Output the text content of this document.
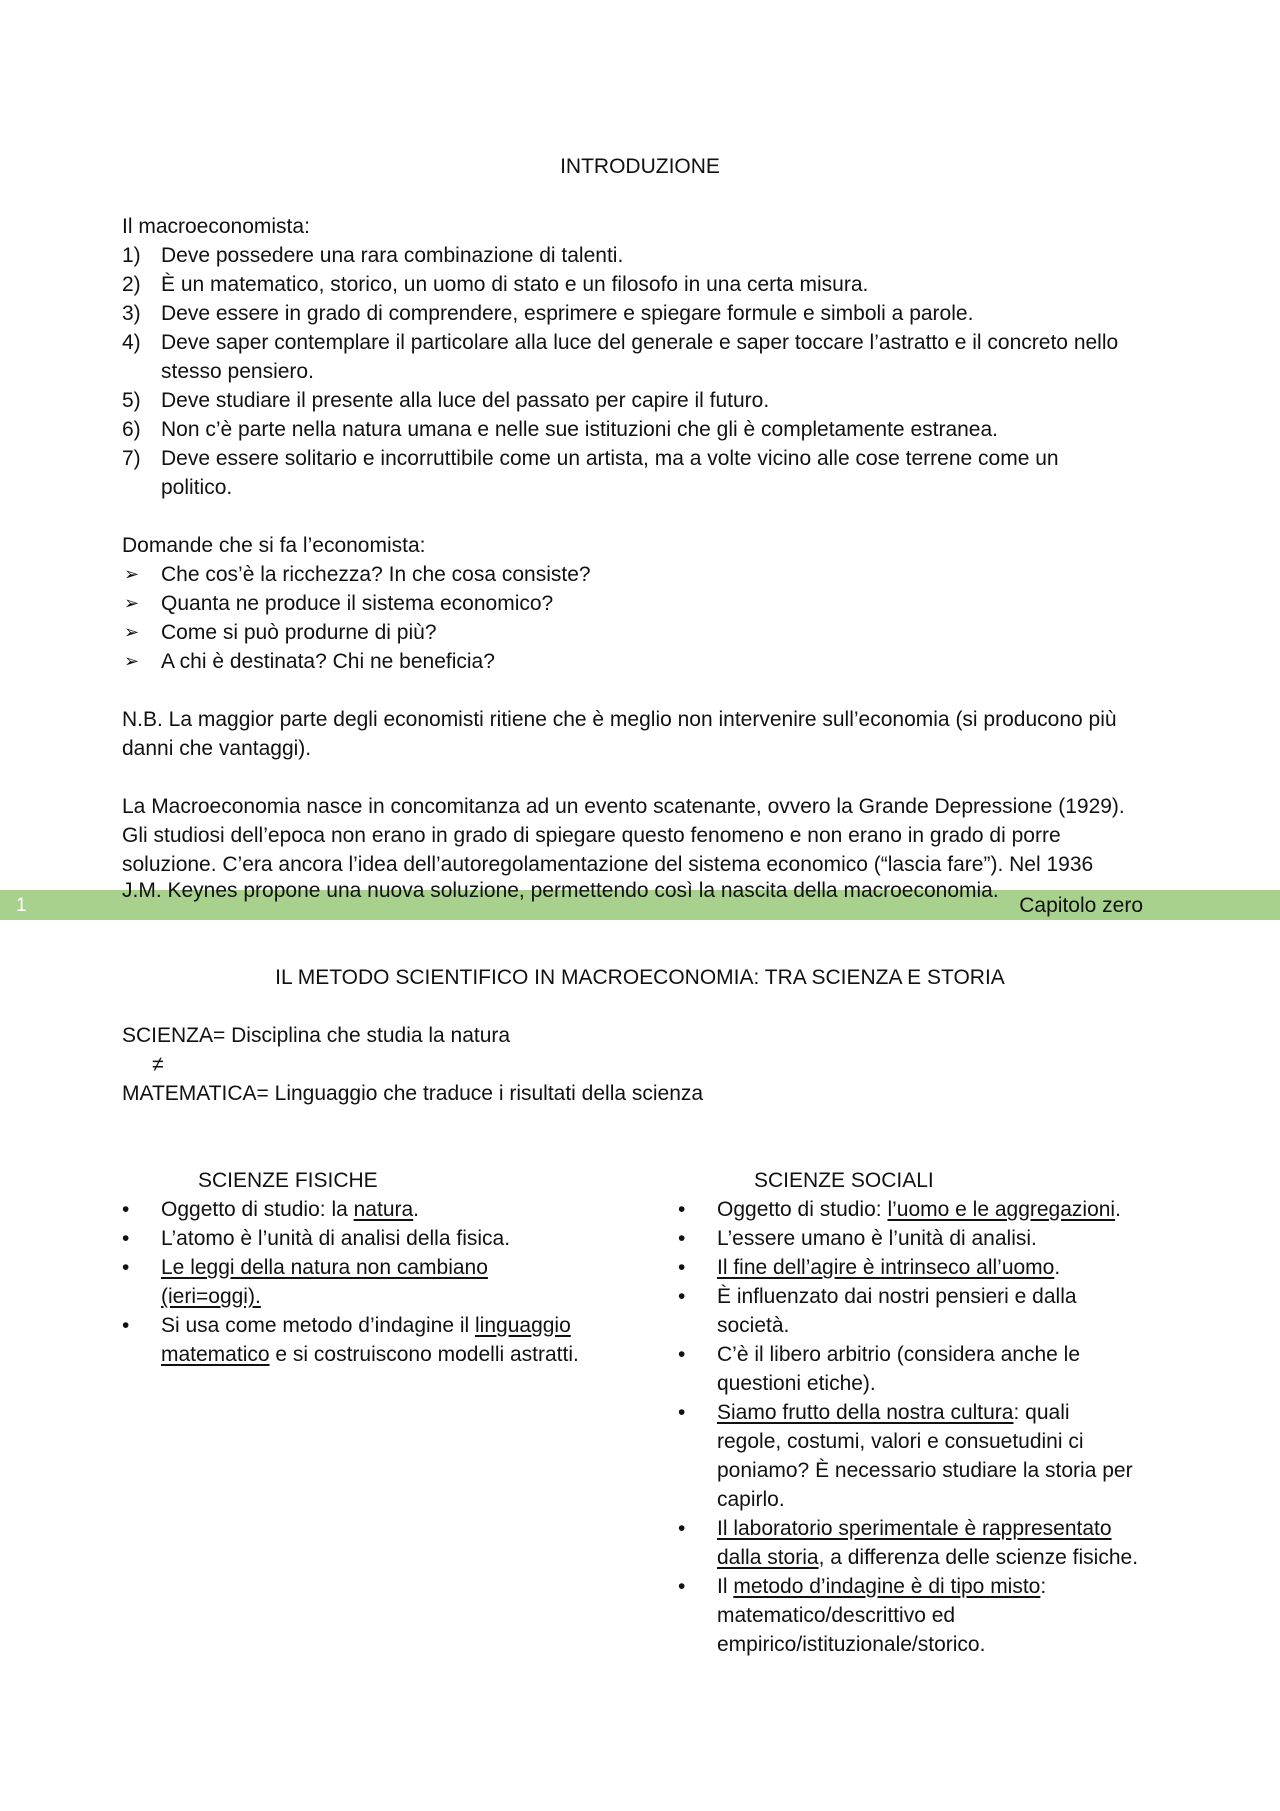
INTRODUZIONE
Il macroeconomista:
1) Deve possedere una rara combinazione di talenti.
2) È un matematico, storico, un uomo di stato e un filosofo in una certa misura.
3) Deve essere in grado di comprendere, esprimere e spiegare formule e simboli a parole.
4) Deve saper contemplare il particolare alla luce del generale e saper toccare l’astratto e il concreto nello
stesso pensiero.
5) Deve studiare il presente alla luce del passato per capire il futuro.
6) Non c’è parte nella natura umana e nelle sue istituzioni che gli è completamente estranea.
7) Deve essere solitario e incorruttibile come un artista, ma a volte vicino alle cose terrene come un
politico.
Domande che si fa l’economista:
➢ Che cos’è la ricchezza? In che cosa consiste?
➢ Quanta ne produce il sistema economico?
➢ Come si può produrne di più?
➢ A chi è destinata? Chi ne beneficia?
N.B. La maggior parte degli economisti ritiene che è meglio non intervenire sull’economia (si producono più
danni che vantaggi).
La Macroeconomia nasce in concomitanza ad un evento scatenante, ovvero la Grande Depressione (1929).
Gli studiosi dell’epoca non erano in grado di spiegare questo fenomeno e non erano in grado di porre
soluzione. C’era ancora l’idea dell’autoregolamentazione del sistema economico (“lascia fare”). Nel 1936
J.M. Keynes propone una nuova soluzione, permettendo così la nascita della macroeconomia.
1	Capitolo zero
IL METODO SCIENTIFICO IN MACROECONOMIA: TRA SCIENZA E STORIA
SCIENZA= Disciplina che studia la natura
≠
MATEMATICA= Linguaggio che traduce i risultati della scienza
SCIENZE FISICHE
• Oggetto di studio: la natura.
• L’atomo è l’unità di analisi della fisica.
• Le leggi della natura non cambiano
(ieri=oggi).
• Si usa come metodo d’indagine il linguaggio
matematico e si costruiscono modelli astratti.
SCIENZE SOCIALI
• Oggetto di studio: l’uomo e le aggregazioni.
• L’essere umano è l’unità di analisi.
• Il fine dell’agire è intrinseco all’uomo.
• È influenzato dai nostri pensieri e dalla
società.
• C’è il libero arbitrio (considera anche le
questioni etiche).
• Siamo frutto della nostra cultura: quali
regole, costumi, valori e consuetudini ci
poniamo? È necessario studiare la storia per
capirlo.
• Il laboratorio sperimentale è rappresentato
dalla storia, a differenza delle scienze fisiche.
• Il metodo d’indagine è di tipo misto:
matematico/descrittivo ed
empirico/istituzionale/storico.
